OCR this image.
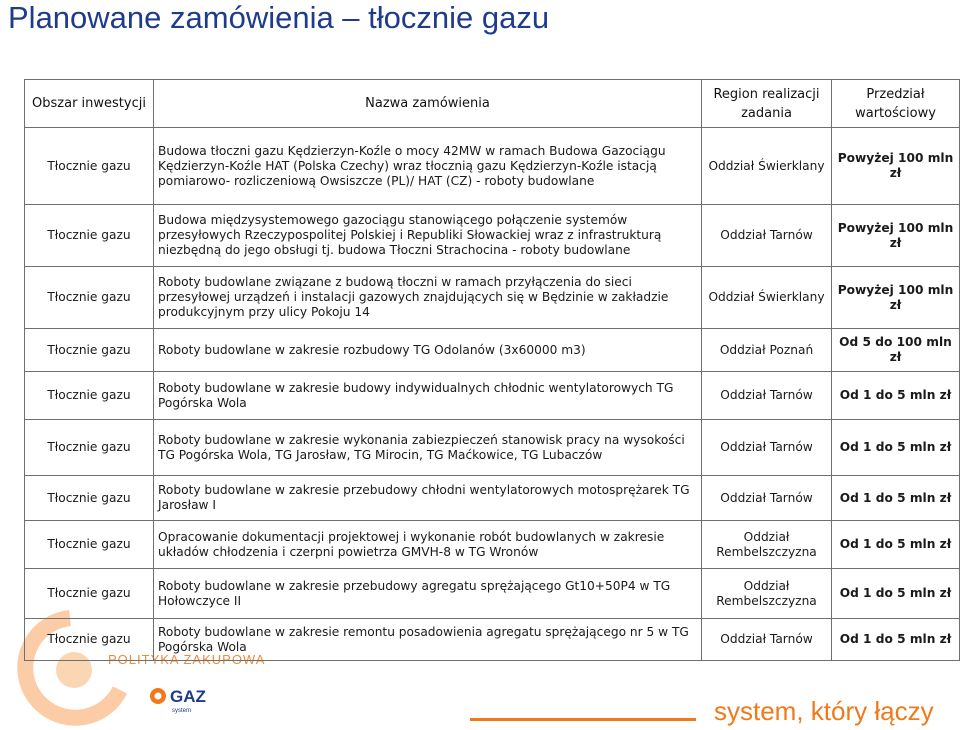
Planowane zamówienia – tłocznie gazu
POLITYKA ZAKUPOWA
GAZ
system	system, który łączy
Obszar inwestycji	Nazwa zamówienia	Region realizacji zadania	Przedział wartościowy
Tłocznie gazu	Budowa tłoczni gazu Kędzierzyn-Koźle o mocy 42MW w ramach Budowa Gazociągu Kędzierzyn-Koźle HAT (Polska Czechy) wraz tłocznią gazu Kędzierzyn-Koźle istacją pomiarowo- rozliczeniową Owsiszcze (PL)/ HAT (CZ) - roboty budowlane	Oddział Świerklany	Powyżej 100 mln zł
Tłocznie gazu	Budowa międzysystemowego gazociągu stanowiącego połączenie systemów przesyłowych Rzeczypospolitej Polskiej i Republiki Słowackiej wraz z infrastrukturą niezbędną do jego obsługi tj. budowa Tłoczni Strachocina - roboty budowlane	Oddział Tarnów	Powyżej 100 mln zł
Tłocznie gazu	Roboty budowlane związane z budową tłoczni w ramach przyłączenia do sieci przesyłowej urządzeń i instalacji gazowych znajdujących się w Będzinie w zakładzie produkcyjnym przy ulicy Pokoju 14	Oddział Świerklany	Powyżej 100 mln zł
Tłocznie gazu	Roboty budowlane w zakresie rozbudowy TG Odolanów (3x60000 m3)	Oddział Poznań	Od 5 do 100 mln zł
Tłocznie gazu	Roboty budowlane w zakresie budowy indywidualnych chłodnic wentylatorowych TG Pogórska Wola	Oddział Tarnów	Od 1 do 5 mln zł
Tłocznie gazu	Roboty budowlane w zakresie wykonania zabiezpieczeń stanowisk pracy na wysokości TG Pogórska Wola, TG Jarosław, TG Mirocin, TG Maćkowice, TG Lubaczów	Oddział Tarnów	Od 1 do 5 mln zł
Tłocznie gazu	Roboty budowlane w zakresie przebudowy chłodni wentylatorowych motosprężarek TG Jarosław I	Oddział Tarnów	Od 1 do 5 mln zł
Tłocznie gazu	Opracowanie dokumentacji projektowej i wykonanie robót budowlanych w zakresie układów chłodzenia i czerpni powietrza GMVH-8 w TG Wronów	Oddział Rembelszczyzna	Od 1 do 5 mln zł
Tłocznie gazu	Roboty budowlane w zakresie przebudowy agregatu sprężającego Gt10+50P4 w TG Hołowczyce II	Oddział Rembelszczyzna	Od 1 do 5 mln zł
Tłocznie gazu	Roboty budowlane w zakresie remontu posadowienia agregatu sprężającego nr 5 w TG Pogórska Wola	Oddział Tarnów	Od 1 do 5 mln zł
